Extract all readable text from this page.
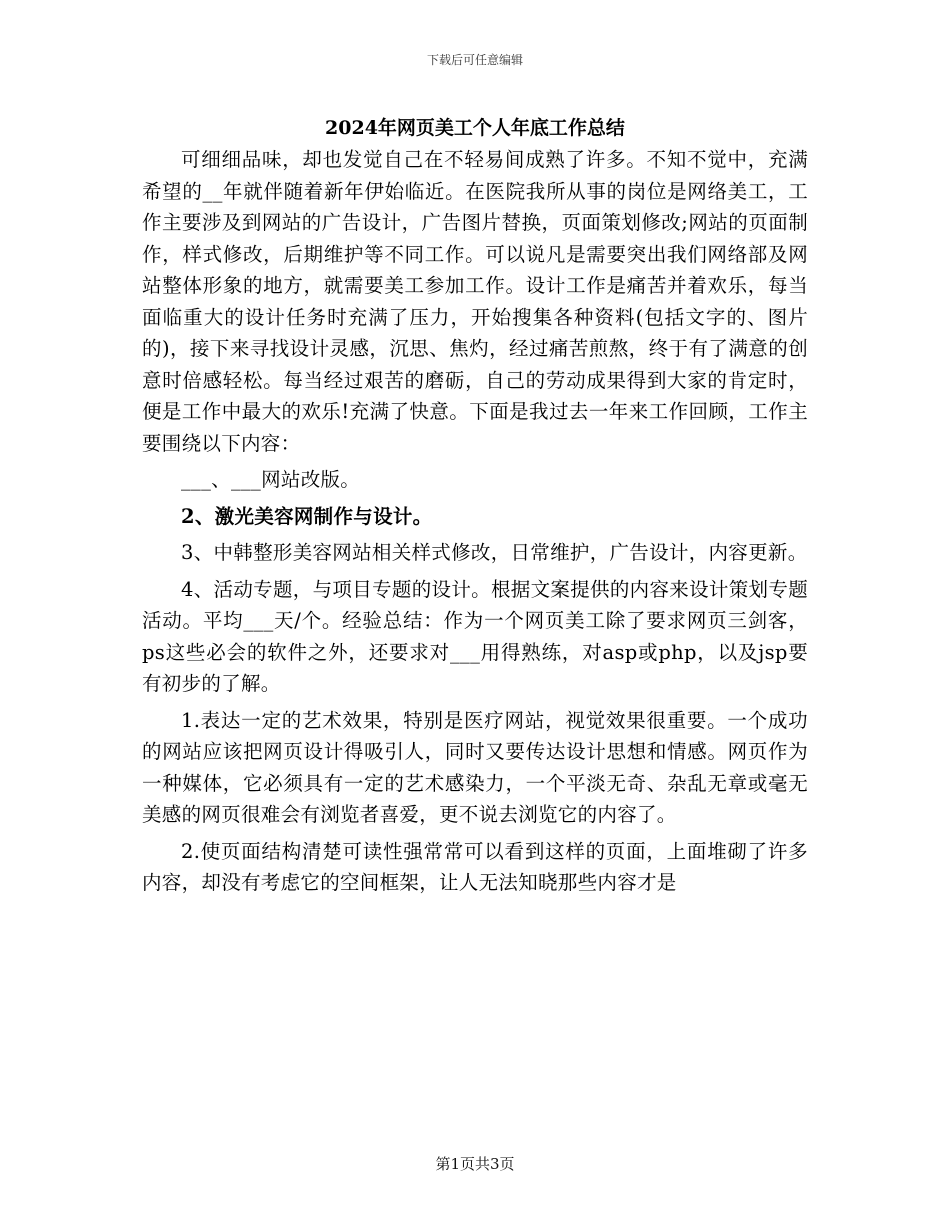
下载后可任意编辑
2024年网页美工个人年底工作总结

可细细品味，却也发觉自己在不轻易间成熟了许多。不知不觉中，充满希望的__年就伴随着新年伊始临近。在医院我所从事的岗位是网络美工，工作主要涉及到网站的广告设计，广告图片替换，页面策划修改;网站的页面制作，样式修改，后期维护等不同工作。可以说凡是需要突出我们网络部及网站整体形象的地方，就需要美工参加工作。设计工作是痛苦并着欢乐，每当面临重大的设计任务时充满了压力，开始搜集各种资料(包括文字的、图片的)，接下来寻找设计灵感，沉思、焦灼，经过痛苦煎熬，终于有了满意的创意时倍感轻松。每当经过艰苦的磨砺，自己的劳动成果得到大家的肯定时，便是工作中最大的欢乐!充满了快意。下面是我过去一年来工作回顾，工作主要围绕以下内容：

___、___网站改版。

2、激光美容网制作与设计。

3、中韩整形美容网站相关样式修改，日常维护，广告设计，内容更新。

4、活动专题，与项目专题的设计。根据文案提供的内容来设计策划专题活动。平均___天/个。经验总结：作为一个网页美工除了要求网页三剑客，ps这些必会的软件之外，还要求对___用得熟练，对asp或php，以及jsp要有初步的了解。

1.表达一定的艺术效果，特别是医疗网站，视觉效果很重要。一个成功的网站应该把网页设计得吸引人，同时又要传达设计思想和情感。网页作为一种媒体，它必须具有一定的艺术感染力，一个平淡无奇、杂乱无章或毫无美感的网页很难会有浏览者喜爱，更不说去浏览它的内容了。

2.使页面结构清楚可读性强常常可以看到这样的页面，上面堆砌了许多内容，却没有考虑它的空间框架，让人无法知晓那些内容才是

第1页共3页
